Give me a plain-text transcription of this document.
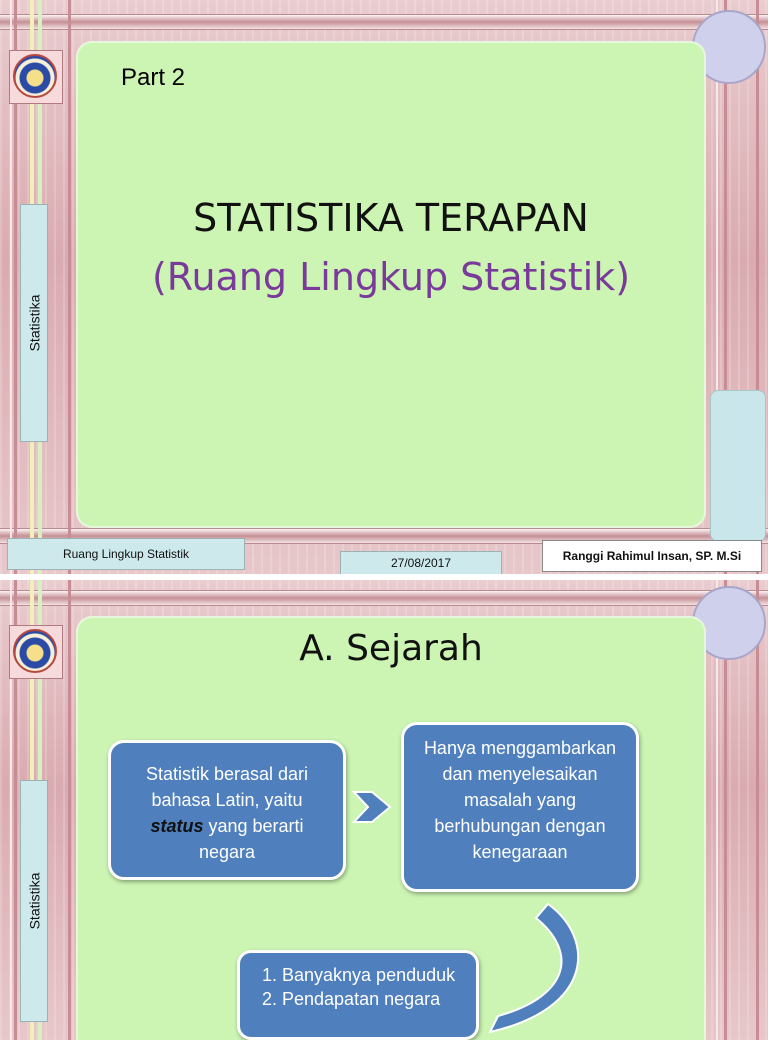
Statistika
Part 2
STATISTIKA TERAPAN
(Ruang Lingkup Statistik)
Ruang Lingkup Statistik
27/08/2017	Ranggi Rahimul Insan, SP. M.Si
Statistika
A. Sejarah
Statistik berasal dari bahasa Latin, yaitu status yang berarti negara
Hanya menggambarkan dan menyelesaikan masalah yang berhubungan dengan kenegaraan
1. Banyaknya penduduk
2. Pendapatan negara
